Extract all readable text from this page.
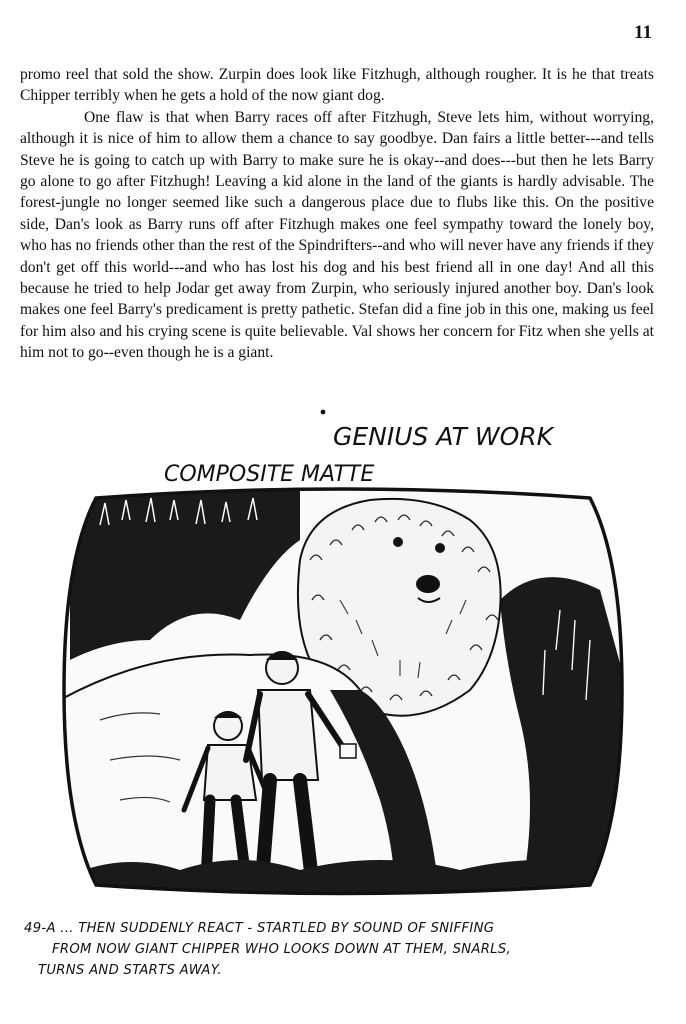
11

promo reel that sold the show. Zurpin does look like Fitzhugh, although rougher. It is he that treats Chipper terribly when he gets a hold of the now giant dog.

One flaw is that when Barry races off after Fitzhugh, Steve lets him, without worrying, although it is nice of him to allow them a chance to say goodbye. Dan fairs a little better---and tells Steve he is going to catch up with Barry to make sure he is okay--and does---but then he lets Barry go alone to go after Fitzhugh! Leaving a kid alone in the land of the giants is hardly advisable. The forest-jungle no longer seemed like such a dangerous place due to flubs like this. On the positive side, Dan's look as Barry runs off after Fitzhugh makes one feel sympathy toward the lonely boy, who has no friends other than the rest of the Spindrifters--and who will never have any friends if they don't get off this world---and who has lost his dog and his best friend all in one day! And all this because he tried to help Jodar get away from Zurpin, who seriously injured another boy. Dan's look makes one feel Barry's predicament is pretty pathetic. Stefan did a fine job in this one, making us feel for him also and his crying scene is quite believable. Val shows her concern for Fitz when she yells at him not to go--even though he is a giant.

GENIUS AT WORK
COMPOSITE MATTE
49-A ... THEN SUDDENLY REACT - STARTLED BY SOUND OF SNIFFING
FROM NOW GIANT CHIPPER WHO LOOKS DOWN AT THEM, SNARLS,
TURNS AND STARTS AWAY.
